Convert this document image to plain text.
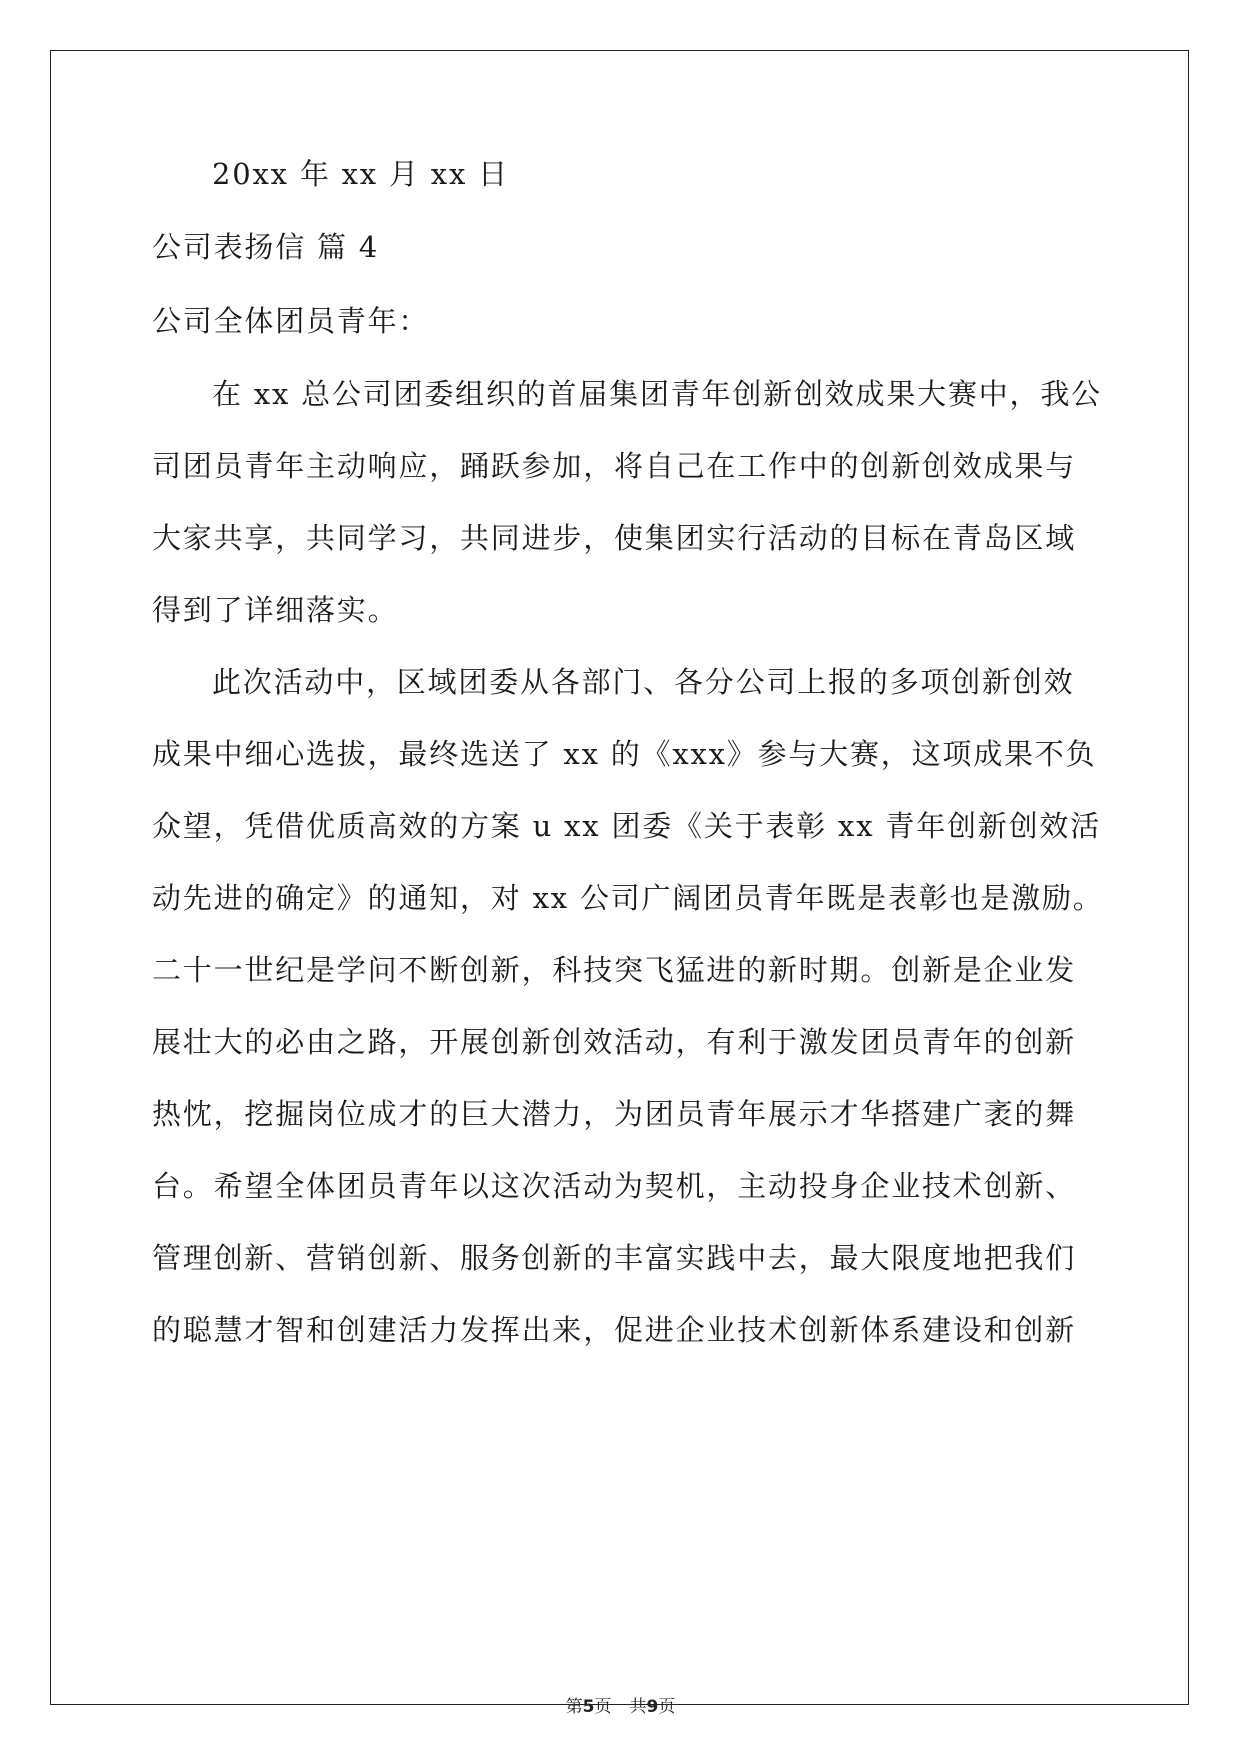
20xx 年 xx 月 xx 日
公司表扬信 篇 4
公司全体团员青年：
在 xx 总公司团委组织的首届集团青年创新创效成果大赛中，我公
司团员青年主动响应，踊跃参加，将自己在工作中的创新创效成果与
大家共享，共同学习，共同进步，使集团实行活动的目标在青岛区域
得到了详细落实。
此次活动中，区域团委从各部门、各分公司上报的多项创新创效
成果中细心选拔，最终选送了 xx 的《xxx》参与大赛，这项成果不负
众望，凭借优质高效的方案 u xx 团委《关于表彰 xx 青年创新创效活
动先进的确定》的通知，对 xx 公司广阔团员青年既是表彰也是激励。
二十一世纪是学问不断创新，科技突飞猛进的新时期。创新是企业发
展壮大的必由之路，开展创新创效活动，有利于激发团员青年的创新
热忱，挖掘岗位成才的巨大潜力，为团员青年展示才华搭建广袤的舞
台。希望全体团员青年以这次活动为契机，主动投身企业技术创新、
管理创新、营销创新、服务创新的丰富实践中去，最大限度地把我们
的聪慧才智和创建活力发挥出来，促进企业技术创新体系建设和创新
第5页 共9页
